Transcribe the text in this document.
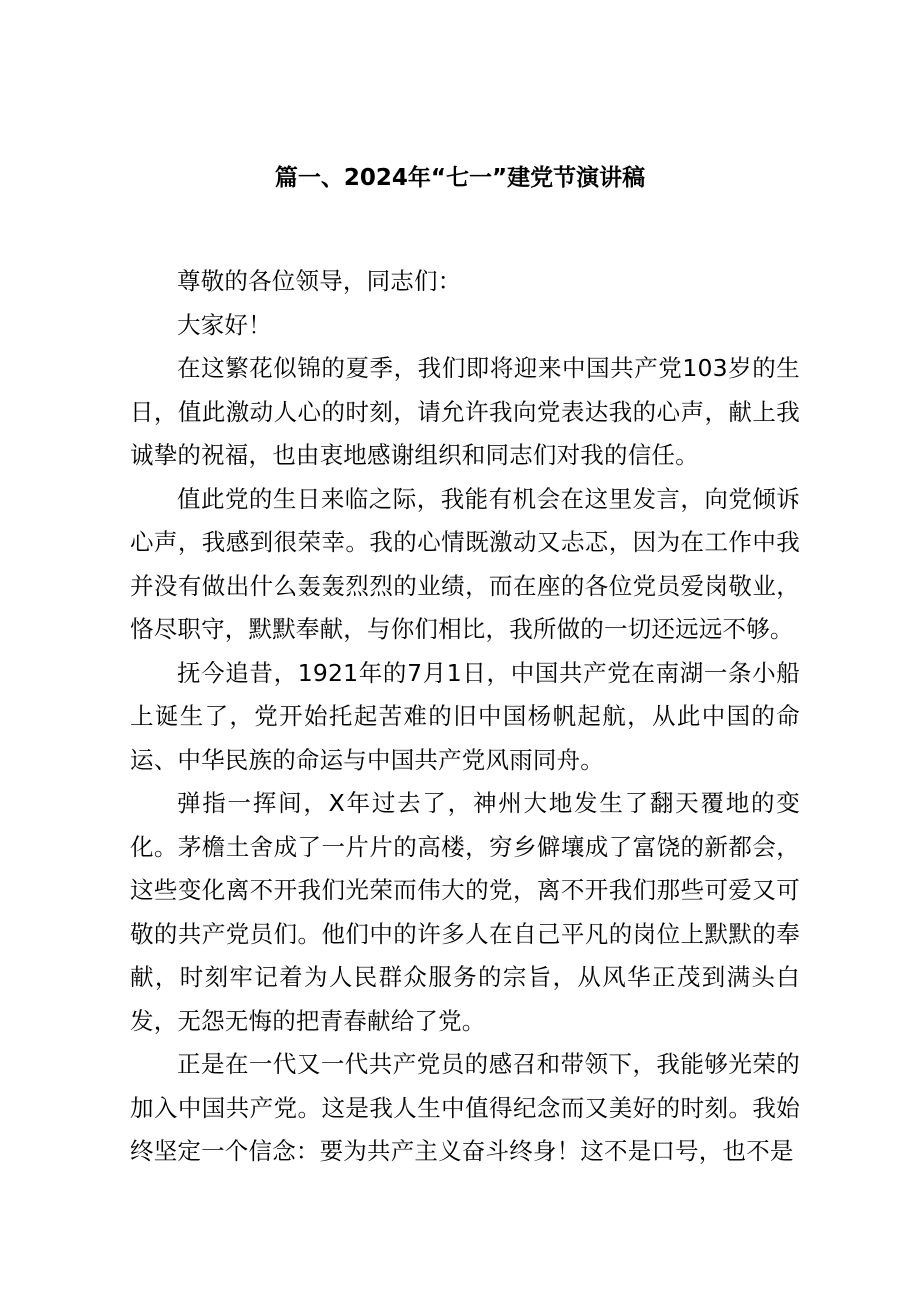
篇一、2024年“七一”建党节演讲稿

尊敬的各位领导，同志们：

大家好！

在这繁花似锦的夏季，我们即将迎来中国共产党103岁的生日，值此激动人心的时刻，请允许我向党表达我的心声，献上我诚挚的祝福，也由衷地感谢组织和同志们对我的信任。

值此党的生日来临之际，我能有机会在这里发言，向党倾诉心声，我感到很荣幸。我的心情既激动又忐忑，因为在工作中我并没有做出什么轰轰烈烈的业绩，而在座的各位党员爱岗敬业，恪尽职守，默默奉献，与你们相比，我所做的一切还远远不够。

抚今追昔，1921年的7月1日，中国共产党在南湖一条小船上诞生了，党开始托起苦难的旧中国杨帆起航，从此中国的命运、中华民族的命运与中国共产党风雨同舟。

弹指一挥间，X年过去了，神州大地发生了翻天覆地的变化。茅檐土舍成了一片片的高楼，穷乡僻壤成了富饶的新都会，这些变化离不开我们光荣而伟大的党，离不开我们那些可爱又可敬的共产党员们。他们中的许多人在自己平凡的岗位上默默的奉献，时刻牢记着为人民群众服务的宗旨，从风华正茂到满头白发，无怨无悔的把青春献给了党。

正是在一代又一代共产党员的感召和带领下，我能够光荣的加入中国共产党。这是我人生中值得纪念而又美好的时刻。我始终坚定一个信念：要为共产主义奋斗终身！这不是口号，也不是
